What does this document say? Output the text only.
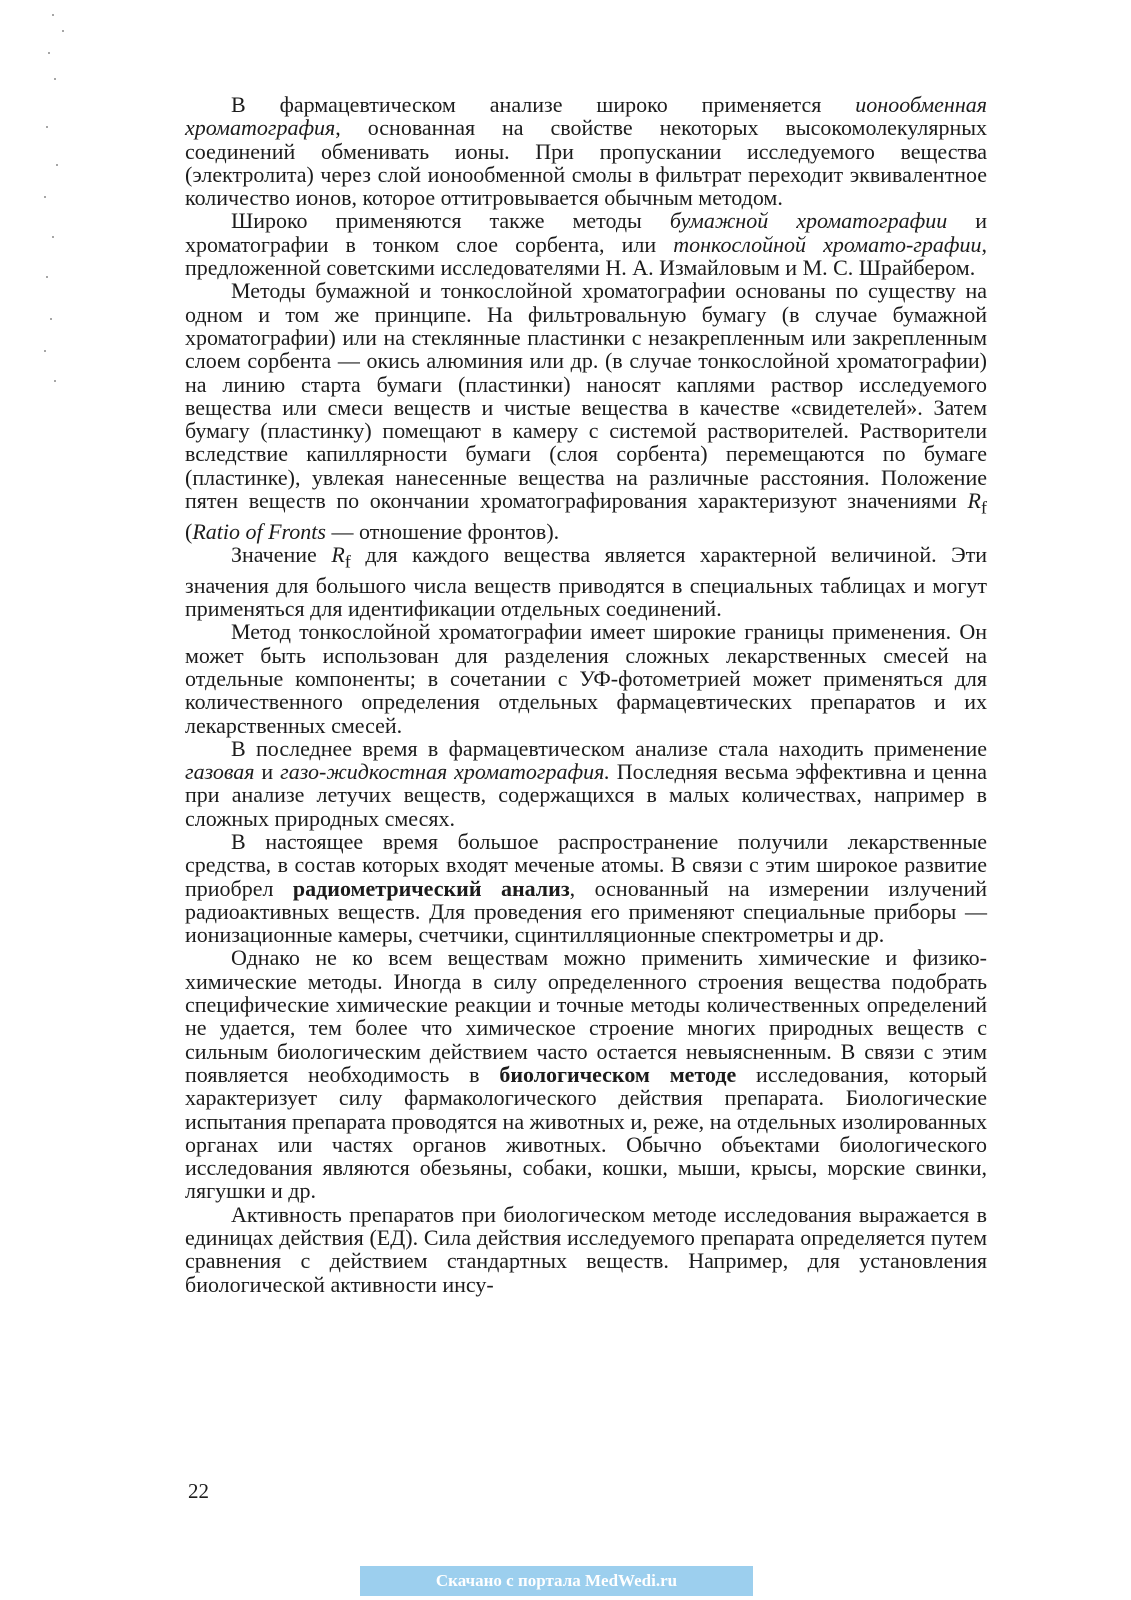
В фармацевтическом анализе широко применяется ионообменная хроматография, основанная на свойстве некоторых высокомолекулярных соединений обменивать ионы. При пропускании исследуемого вещества (электролита) через слой ионообменной смолы в фильтрат переходит эквивалентное количество ионов, которое оттитровывается обычным методом.

Широко применяются также методы бумажной хроматографии и хроматографии в тонком слое сорбента, или тонкослойной хромато-графии, предложенной советскими исследователями Н. А. Измайловым и М. С. Шрайбером.

Методы бумажной и тонкослойной хроматографии основаны по существу на одном и том же принципе. На фильтровальную бумагу (в случае бумажной хроматографии) или на стеклянные пластинки с незакрепленным или закрепленным слоем сорбента — окись алюминия или др. (в случае тонкослойной хроматографии) на линию старта бумаги (пластинки) наносят каплями раствор исследуемого вещества или смеси веществ и чистые вещества в качестве «свидетелей». Затем бумагу (пластинку) помещают в камеру с системой растворителей. Растворители вследствие капиллярности бумаги (слоя сорбента) перемещаются по бумаге (пластинке), увлекая нанесенные вещества на различные расстояния. Положение пятен веществ по окончании хроматографирования характеризуют значениями $R_f$ (Ratio of Fronts — отношение фронтов).

Значение $R_f$ для каждого вещества является характерной величиной. Эти значения для большого числа веществ приводятся в специальных таблицах и могут применяться для идентификации отдельных соединений.

Метод тонкослойной хроматографии имеет широкие границы применения. Он может быть использован для разделения сложных лекарственных смесей на отдельные компоненты; в сочетании с УФ-фотометрией может применяться для количественного определения отдельных фармацевтических препаратов и их лекарственных смесей.

В последнее время в фармацевтическом анализе стала находить применение газовая и газо-жидкостная хроматография. Последняя весьма эффективна и ценна при анализе летучих веществ, содержащихся в малых количествах, например в сложных природных смесях.

В настоящее время большое распространение получили лекарственные средства, в состав которых входят меченые атомы. В связи с этим широкое развитие приобрел радиометрический анализ, основанный на измерении излучений радиоактивных веществ. Для проведения его применяют специальные приборы — ионизационные камеры, счетчики, сцинтилляционные спектрометры и др.

Однако не ко всем веществам можно применить химические и физико-химические методы. Иногда в силу определенного строения вещества подобрать специфические химические реакции и точные методы количественных определений не удается, тем более что химическое строение многих природных веществ с сильным биологическим действием часто остается невыясненным. В связи с этим появляется необходимость в биологическом методе исследования, который характеризует силу фармакологического действия препарата. Биологические испытания препарата проводятся на животных и, реже, на отдельных изолированных органах или частях органов животных. Обычно объектами биологического исследования являются обезьяны, собаки, кошки, мыши, крысы, морские свинки, лягушки и др.

Активность препаратов при биологическом методе исследования выражается в единицах действия (ЕД). Сила действия исследуемого препарата определяется путем сравнения с действием стандартных веществ. Например, для установления биологической активности инсу-

22
Скачано с портала MedWedi.ru
